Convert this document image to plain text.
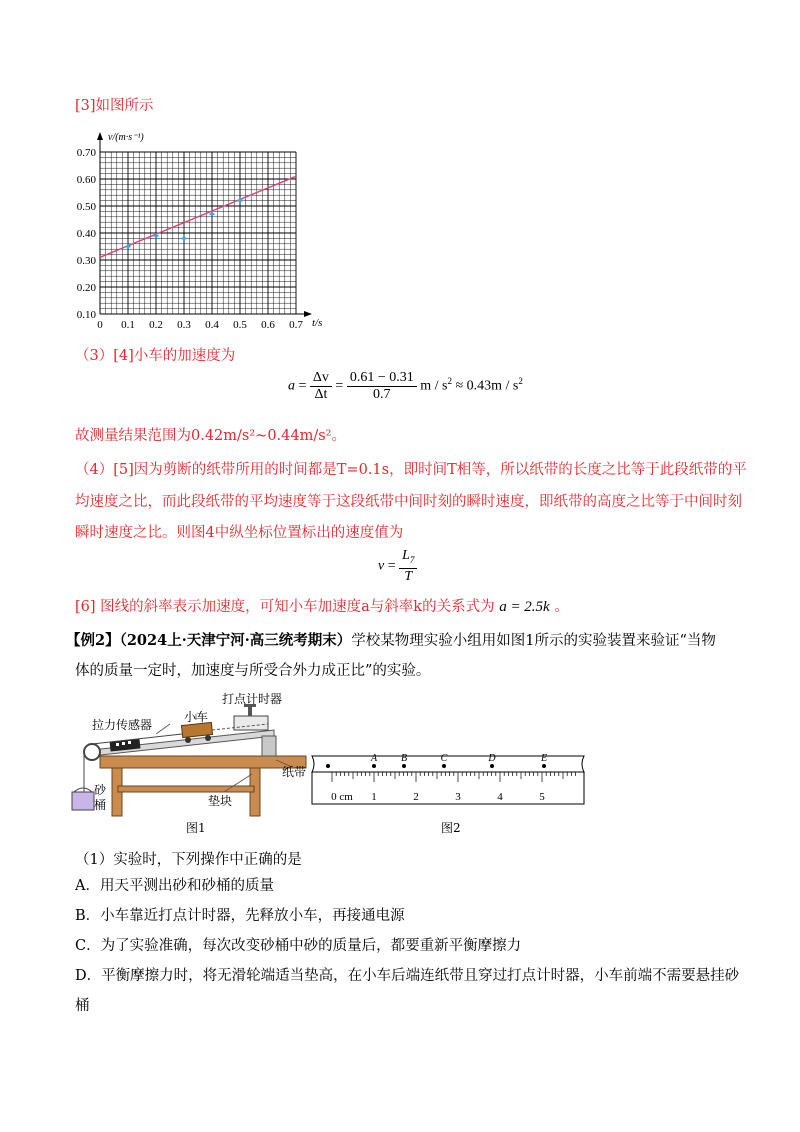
[3]如图所示
0.10
0.20
0.30
0.40
0.50
0.60
0.70
0 0.1 0.2 0.3 0.4 0.5 0.6 0.7
v/(m·s⁻¹)
t/s
（3）[4]小车的加速度为
$a = \frac{\Delta v}{\Delta t} = \frac{0.61 - 0.31}{0.7}$ $m / s^2 \approx 0.43m / s^2$
故测量结果范围为0.42m/s²~0.44m/s²。
（4）[5]因为剪断的纸带所用的时间都是T=0.1s，即时间T相等，所以纸带的长度之比等于此段纸带的平
均速度之比，而此段纸带的平均速度等于这段纸带中间时刻的瞬时速度，即纸带的高度之比等于中间时刻
瞬时速度之比。则图4中纵坐标位置标出的速度值为
$v = \frac{L_7}{T}$
[6] 图线的斜率表示加速度，可知小车加速度a与斜率k的关系式为 a = 2.5k 。
【例2】（2024上·天津宁河·高三统考期末）学校某物理实验小组用如图1所示的实验装置来验证“当物
体的质量一定时，加速度与所受合外力成正比”的实验。
拉力传感器
小车
打点计时器
纸带
垫块
砂
桶
图1
0 cm 1	2	3	4	5
A B	C	D	E
图2
（1）实验时，下列操作中正确的是
A．用天平测出砂和砂桶的质量
B．小车靠近打点计时器，先释放小车，再接通电源
C．为了实验准确，每次改变砂桶中砂的质量后，都要重新平衡摩擦力
D．平衡摩擦力时，将无滑轮端适当垫高，在小车后端连纸带且穿过打点计时器，小车前端不需要悬挂砂
桶
